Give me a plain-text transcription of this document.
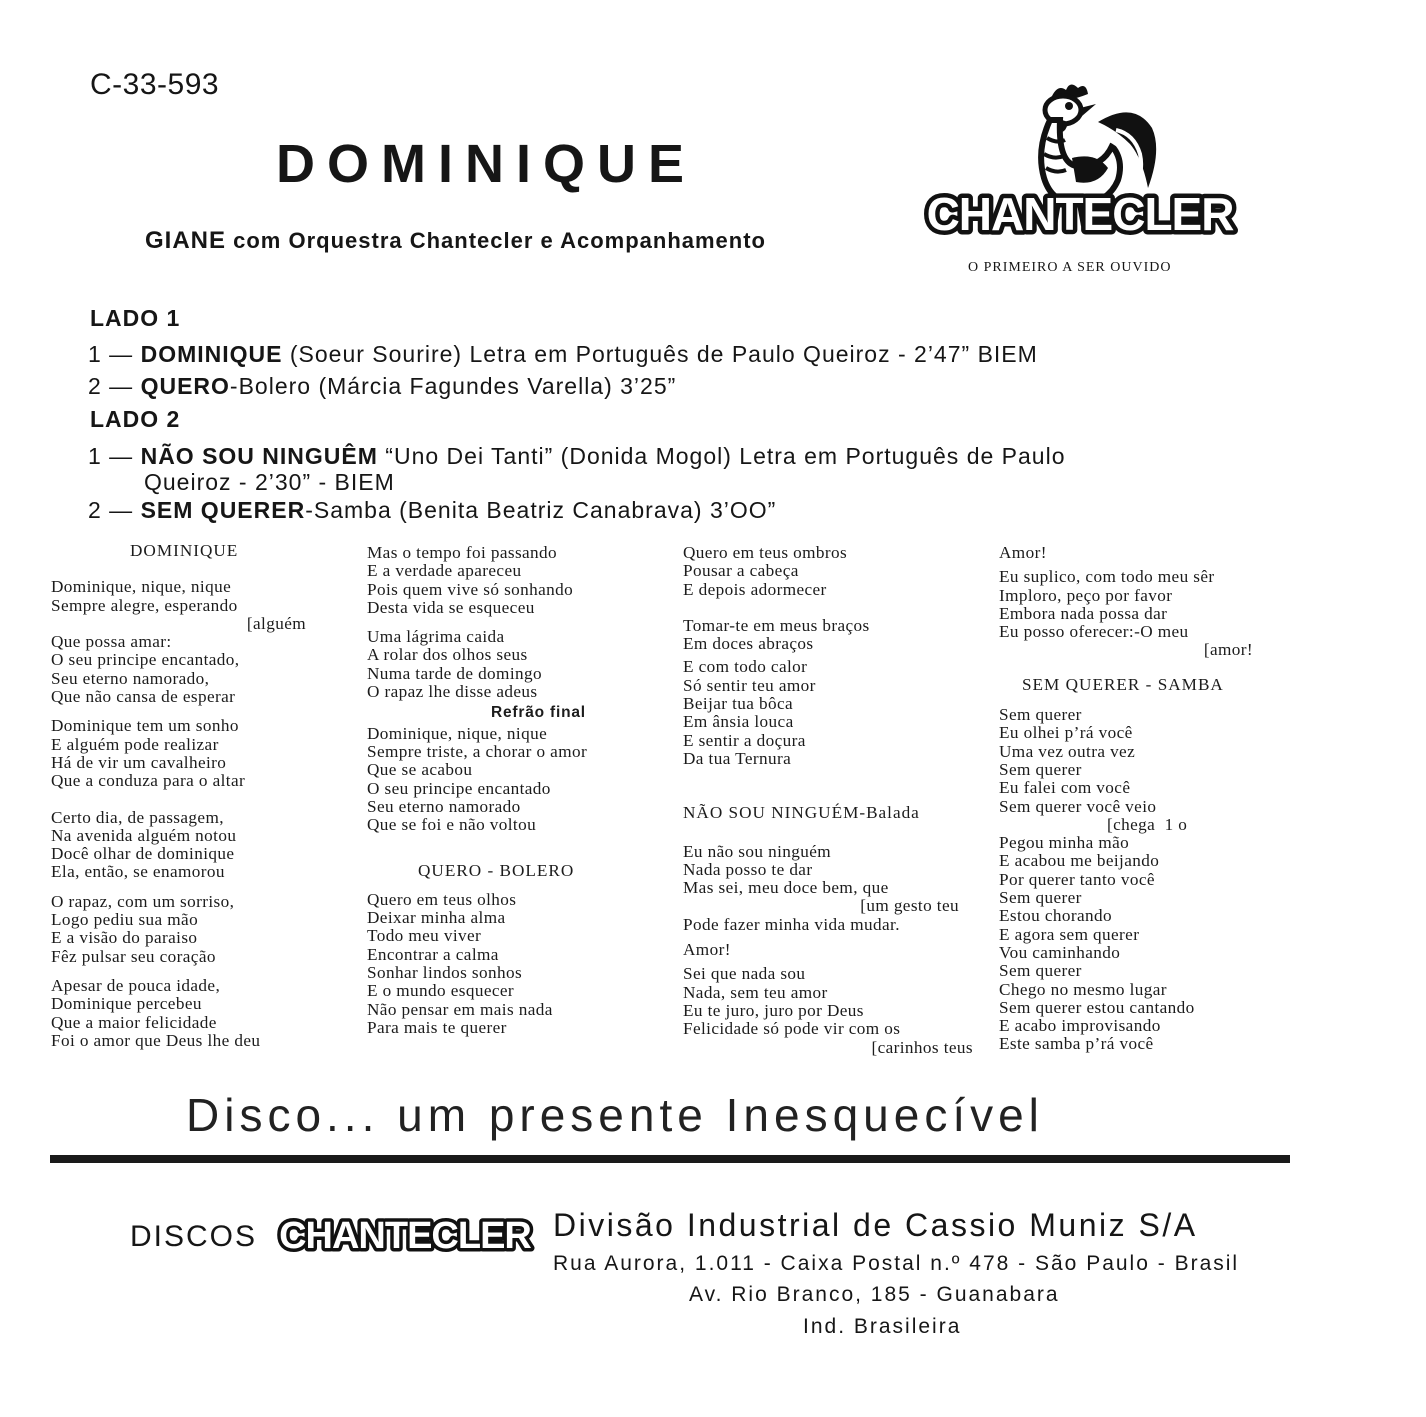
C-33-593
DOMINIQUE
GIANE com Orquestra Chantecler e Acompanhamento
CHANTECLER
O PRIMEIRO A SER OUVIDO
LADO 1
1 — DOMINIQUE (Soeur Sourire) Letra em Português de Paulo Queiroz - 2’47” BIEM
2 — QUERO-Bolero (Márcia Fagundes Varella) 3’25”
LADO 2
1 — NÃO SOU NINGUÊM “Uno Dei Tanti” (Donida Mogol) Letra em Português de Paulo
Queiroz - 2’30” - BIEM
2 — SEM QUERER-Samba (Benita Beatriz Canabrava) 3’OO”
DOMINIQUE
Dominique, nique, nique
Sempre alegre, esperando
[alguém
Que possa amar:
O seu principe encantado,
Seu eterno namorado,
Que não cansa de esperar
Dominique tem um sonho
E alguém pode realizar
Há de vir um cavalheiro
Que a conduza para o altar
Certo dia, de passagem,
Na avenida alguém notou
Docê olhar de dominique
Ela, então, se enamorou
O rapaz, com um sorriso,
Logo pediu sua mão
E a visão do paraiso
Fêz pulsar seu coração
Apesar de pouca idade,
Dominique percebeu
Que a maior felicidade
Foi o amor que Deus lhe deu
Mas o tempo foi passando
E a verdade apareceu
Pois quem vive só sonhando
Desta vida se esqueceu
Uma lágrima caida
A rolar dos olhos seus
Numa tarde de domingo
O rapaz lhe disse adeus
Refrão final
Dominique, nique, nique
Sempre triste, a chorar o amor
Que se acabou
O seu principe encantado
Seu eterno namorado
Que se foi e não voltou
QUERO - BOLERO
Quero em teus olhos
Deixar minha alma
Todo meu viver
Encontrar a calma
Sonhar lindos sonhos
E o mundo esquecer
Não pensar em mais nada
Para mais te querer
Quero em teus ombros
Pousar a cabeça
E depois adormecer
Tomar-te em meus braços
Em doces abraços
E com todo calor
Só sentir teu amor
Beijar tua bôca
Em ânsia louca
E sentir a doçura
Da tua Ternura
NÃO SOU NINGUÉM-Balada
Eu não sou ninguém
Nada posso te dar
Mas sei, meu doce bem, que
[um gesto teu
Pode fazer minha vida mudar.
Amor!
Sei que nada sou
Nada, sem teu amor
Eu te juro, juro por Deus
Felicidade só pode vir com os
[carinhos teus
Amor!
Eu suplico, com todo meu sêr
Imploro, peço por favor
Embora nada possa dar
Eu posso oferecer:-O meu
[amor!
SEM QUERER - SAMBA
Sem querer
Eu olhei p’rá você
Uma vez outra vez
Sem querer
Eu falei com você
Sem querer você veio
[chega  1 o
Pegou minha mão
E acabou me beijando
Por querer tanto você
Sem querer
Estou chorando
E agora sem querer
Vou caminhando
Sem querer
Chego no mesmo lugar
Sem querer estou cantando
E acabo improvisando
Este samba p’rá você
Disco... um presente Inesquecível
DISCOS CHANTECLER Divisão Industrial de Cassio Muniz S/A
Rua Aurora, 1.011 - Caixa Postal n.º 478 - São Paulo - Brasil
Av. Rio Branco, 185 - Guanabara
Ind. Brasileira
